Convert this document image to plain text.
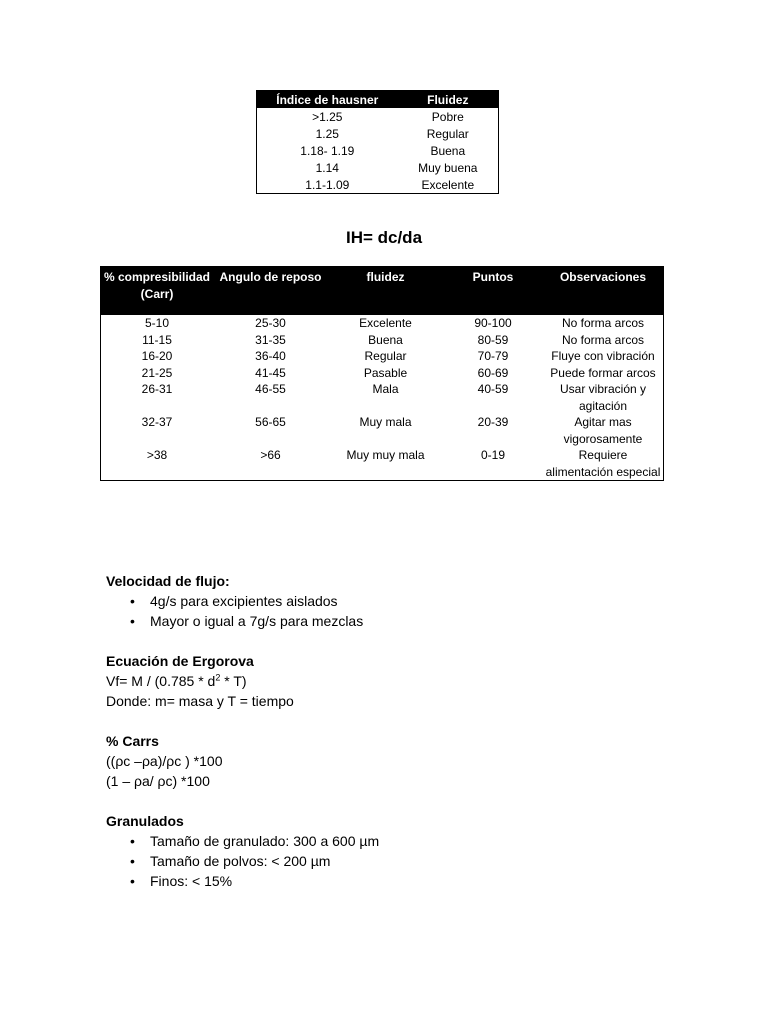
Índice de hausner	Fluidez
>1.25	Pobre
1.25	Regular
1.18- 1.19	Buena
1.14	Muy buena
1.1-1.09	Excelente
IH= dc/da
% compresibilidad (Carr)	Angulo de reposo	fluidez	Puntos	Observaciones
5-10	25-30	Excelente	90-100	No forma arcos
11-15	31-35	Buena	80-59	No forma arcos
16-20	36-40	Regular	70-79	Fluye con vibración
21-25	41-45	Pasable	60-69	Puede formar arcos
26-31	46-55	Mala	40-59	Usar vibración y agitación
32-37	56-65	Muy mala	20-39	Agitar mas vigorosamente
>38	>66	Muy muy mala	0-19	Requiere alimentación especial
Velocidad de flujo:
• 4g/s para excipientes aislados
• Mayor o igual a 7g/s para mezclas
Ecuación de Ergorova
$Vf= M / (0.785 * d^2 * T)$
Donde: m= masa y T = tiempo
% Carrs
((ρc –ρa)/ρc ) *100
(1 – ρa/ ρc) *100
Granulados
• Tamaño de granulado: 300 a 600 µm
• Tamaño de polvos: < 200 µm
• Finos: < 15%
